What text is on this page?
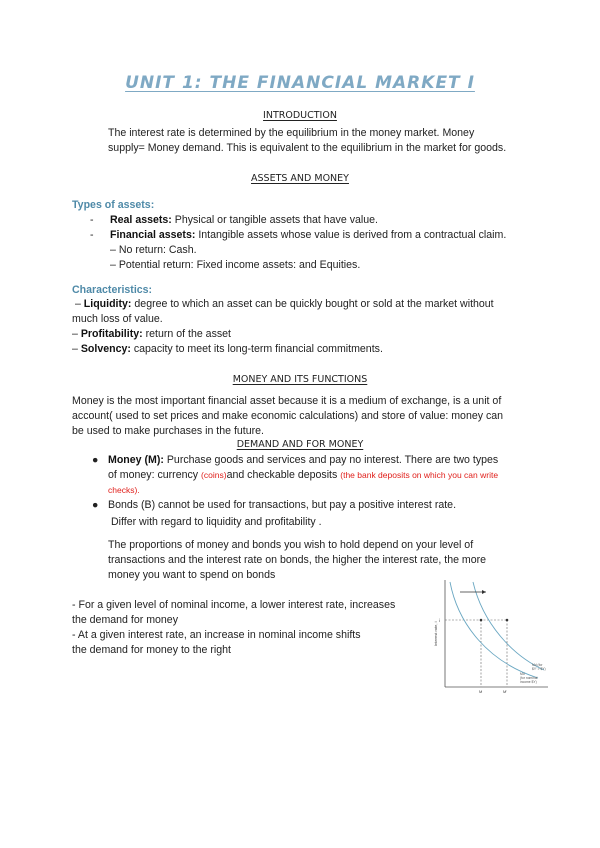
UNIT 1: THE FINANCIAL MARKET I
INTRODUCTION
The interest rate is determined by the equilibrium in the money market. Money
supply= Money demand. This is equivalent to the equilibrium in the market for goods.
ASSETS AND MONEY
Types of assets:
- Real assets: Physical or tangible assets that have value.
- Financial assets: Intangible assets whose value is derived from a contractual claim.
– No return: Cash.
– Potential return: Fixed income assets: and Equities.
Characteristics:
– Liquidity: degree to which an asset can be quickly bought or sold at the market without
much loss of value.
– Profitability: return of the asset
– Solvency: capacity to meet its long-term financial commitments.
MONEY AND ITS FUNCTIONS
Money is the most important financial asset because it is a medium of exchange, is a unit of
account( used to set prices and make economic calculations) and store of value: money can
be used to make purchases in the future.
DEMAND AND FOR MONEY
● Money (M): Purchase goods and services and pay no interest. There are two types
of money: currency (coins)and checkable deposits (the bank deposits on which you can write
checks).
● Bonds (B) cannot be used for transactions, but pay a positive interest rate.
Differ with regard to liquidity and profitability .
The proportions of money and bonds you wish to hold depend on your level of
transactions and the interest rate on bonds, the higher the interest rate, the more
money you want to spend on bonds
- For a given level of nominal income, a lower interest rate, increases
the demand for money
- At a given interest rate, an increase in nominal income shifts
the demand for money to the right
Interest rate, i
i
M	M'
Md (for
$Y' > $Y)
Md
(for nominal
income $Y)
